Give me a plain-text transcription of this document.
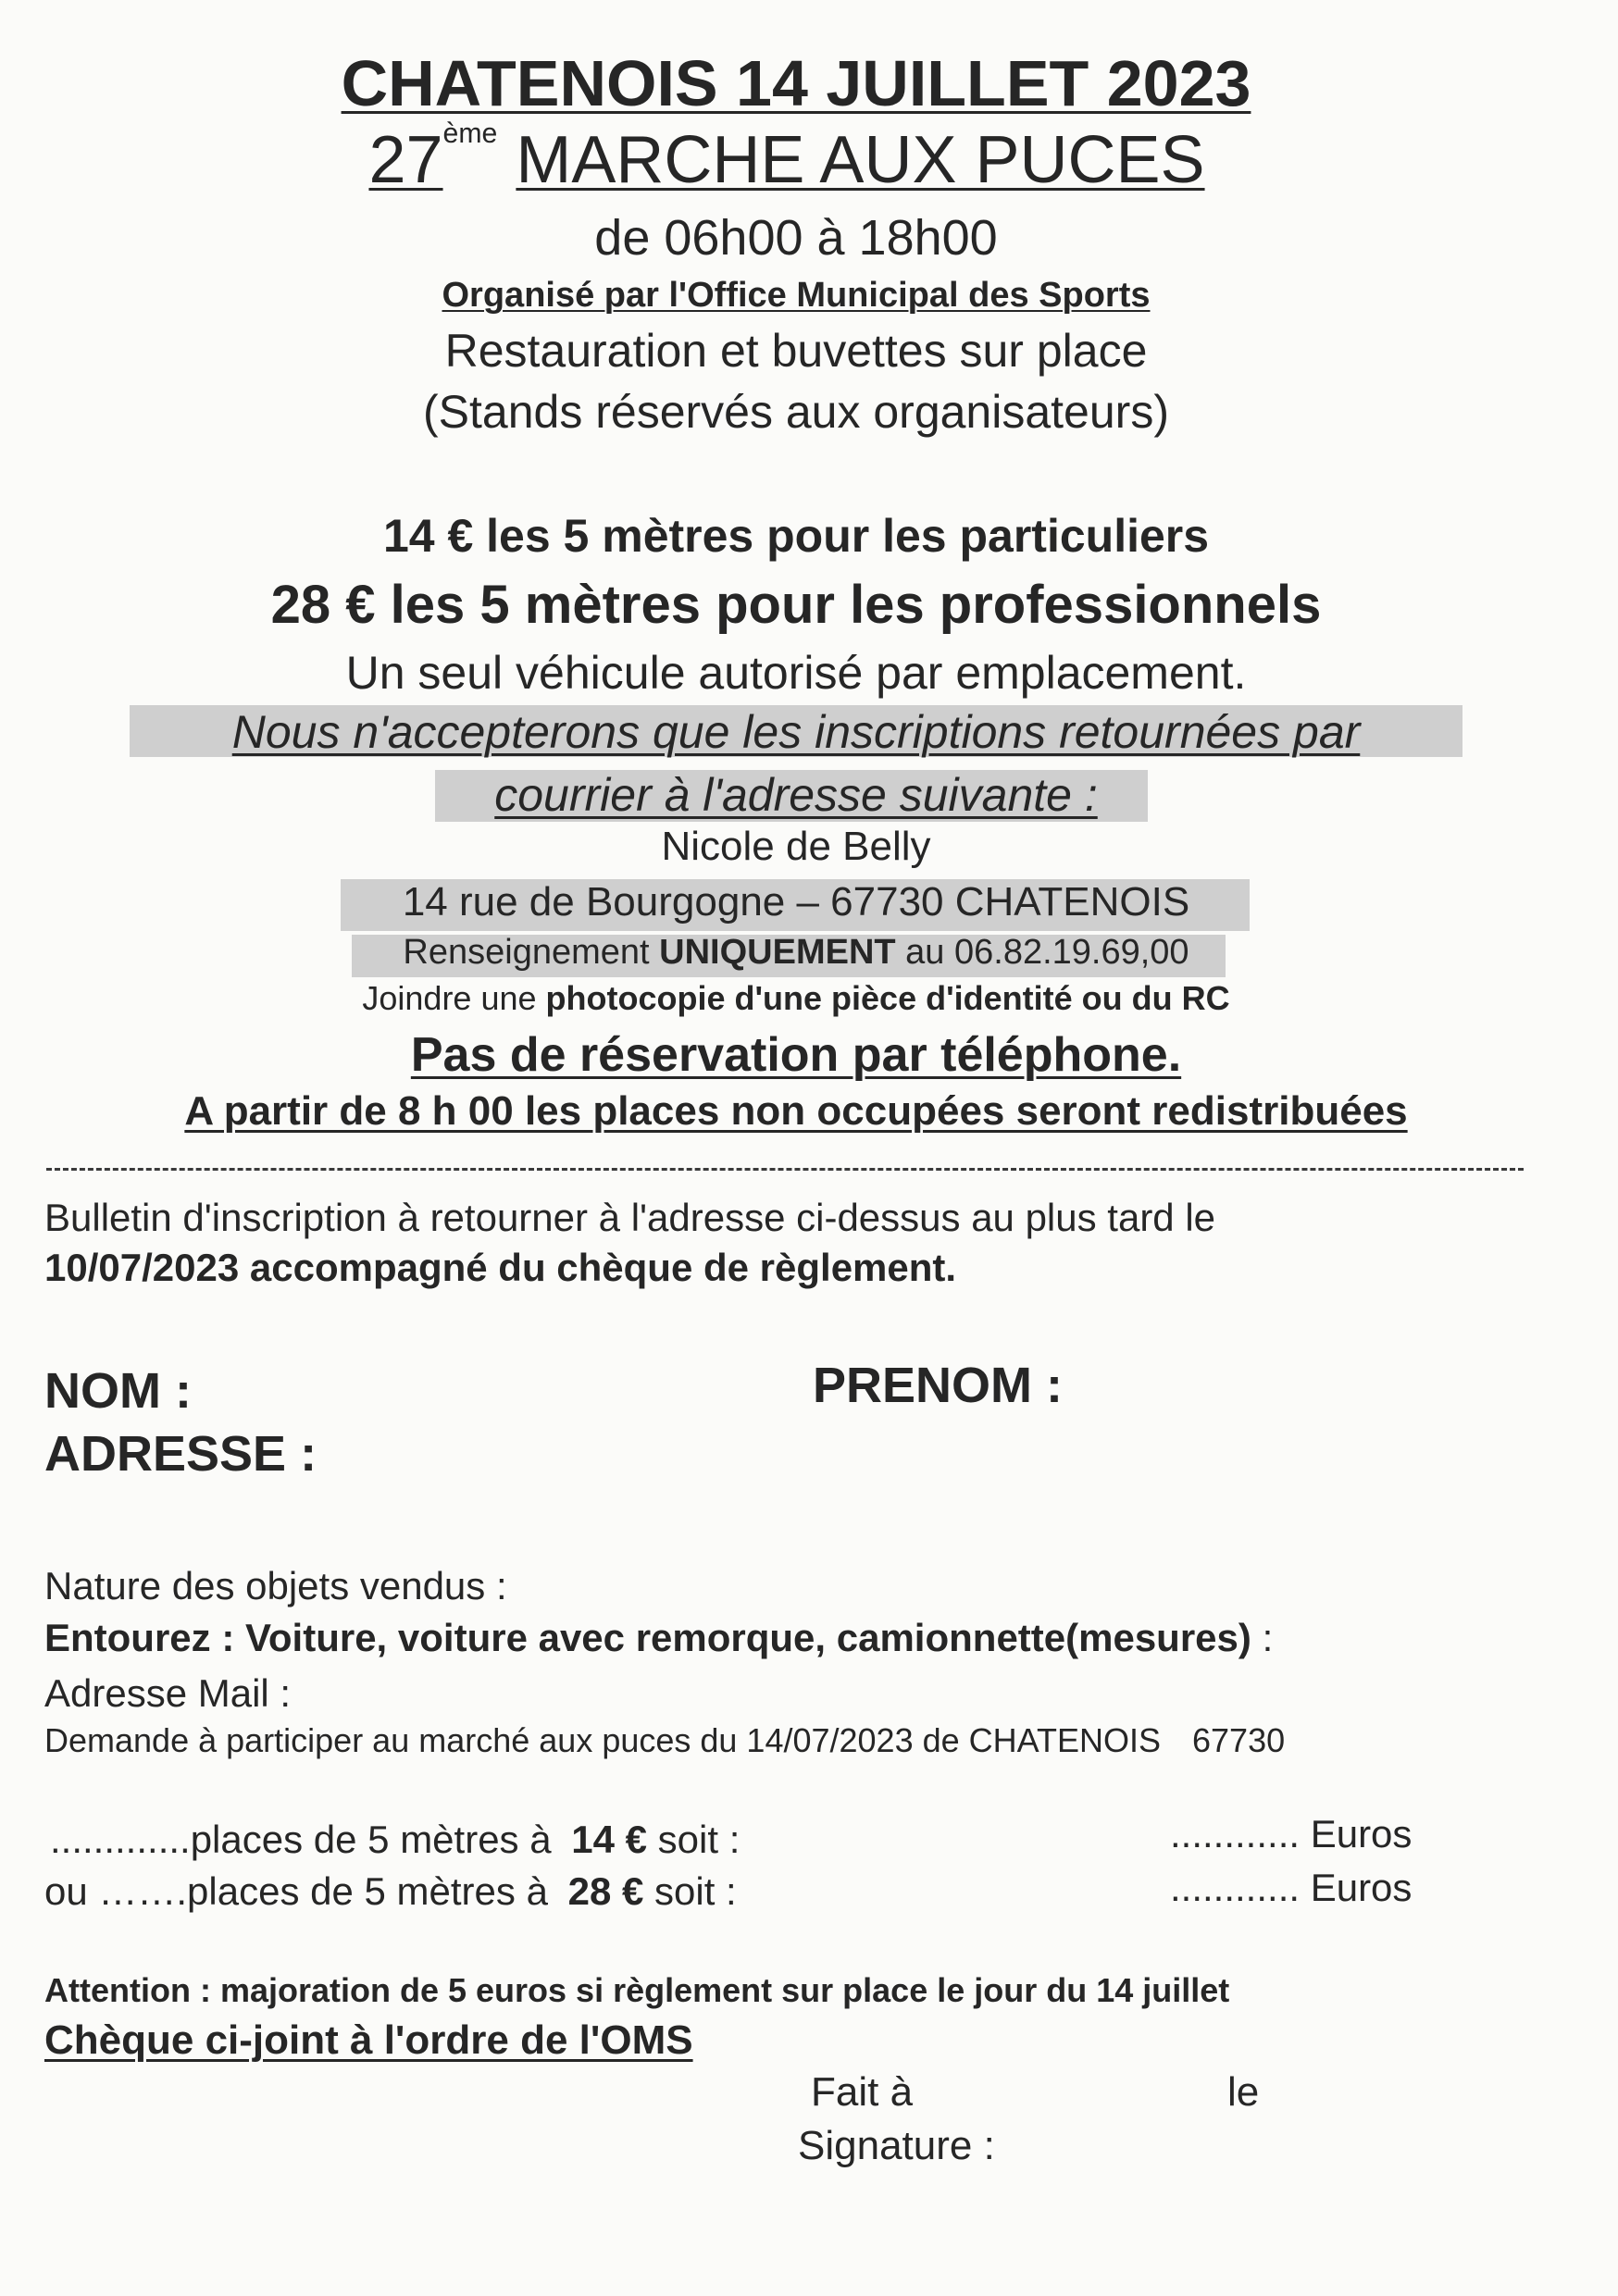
CHATENOIS 14 JUILLET 2023
27ème MARCHE AUX PUCES
de 06h00 à 18h00
Organisé par l'Office Municipal des Sports
Restauration et buvettes sur place
(Stands réservés aux organisateurs)
14 € les 5 mètres pour les particuliers
28 € les 5 mètres pour les professionnels
Un seul véhicule autorisé par emplacement.
Nous n'accepterons que les inscriptions retournées par
courrier à l'adresse suivante :
Nicole de Belly
14 rue de Bourgogne – 67730 CHATENOIS
Renseignement UNIQUEMENT au 06.82.19.69,00
Joindre une photocopie d'une pièce d'identité ou du RC
Pas de réservation par téléphone.
A partir de 8 h 00 les places non occupées seront redistribuées
Bulletin d'inscription à retourner à l'adresse ci-dessus au plus tard le
10/07/2023 accompagné du chèque de règlement.
NOM :	PRENOM :
ADRESSE :
Nature des objets vendus :
Entourez : Voiture, voiture avec remorque, camionnette(mesures) :
Adresse Mail :
Demande à participer au marché aux puces du 14/07/2023 de CHATENOIS 67730
.............places de 5 mètres à 14 € soit :	............ Euros
ou …….places de 5 mètres à 28 € soit :	............ Euros
Attention : majoration de 5 euros si règlement sur place le jour du 14 juillet
Chèque ci-joint à l'ordre de l'OMS
Fait à	le
Signature :
